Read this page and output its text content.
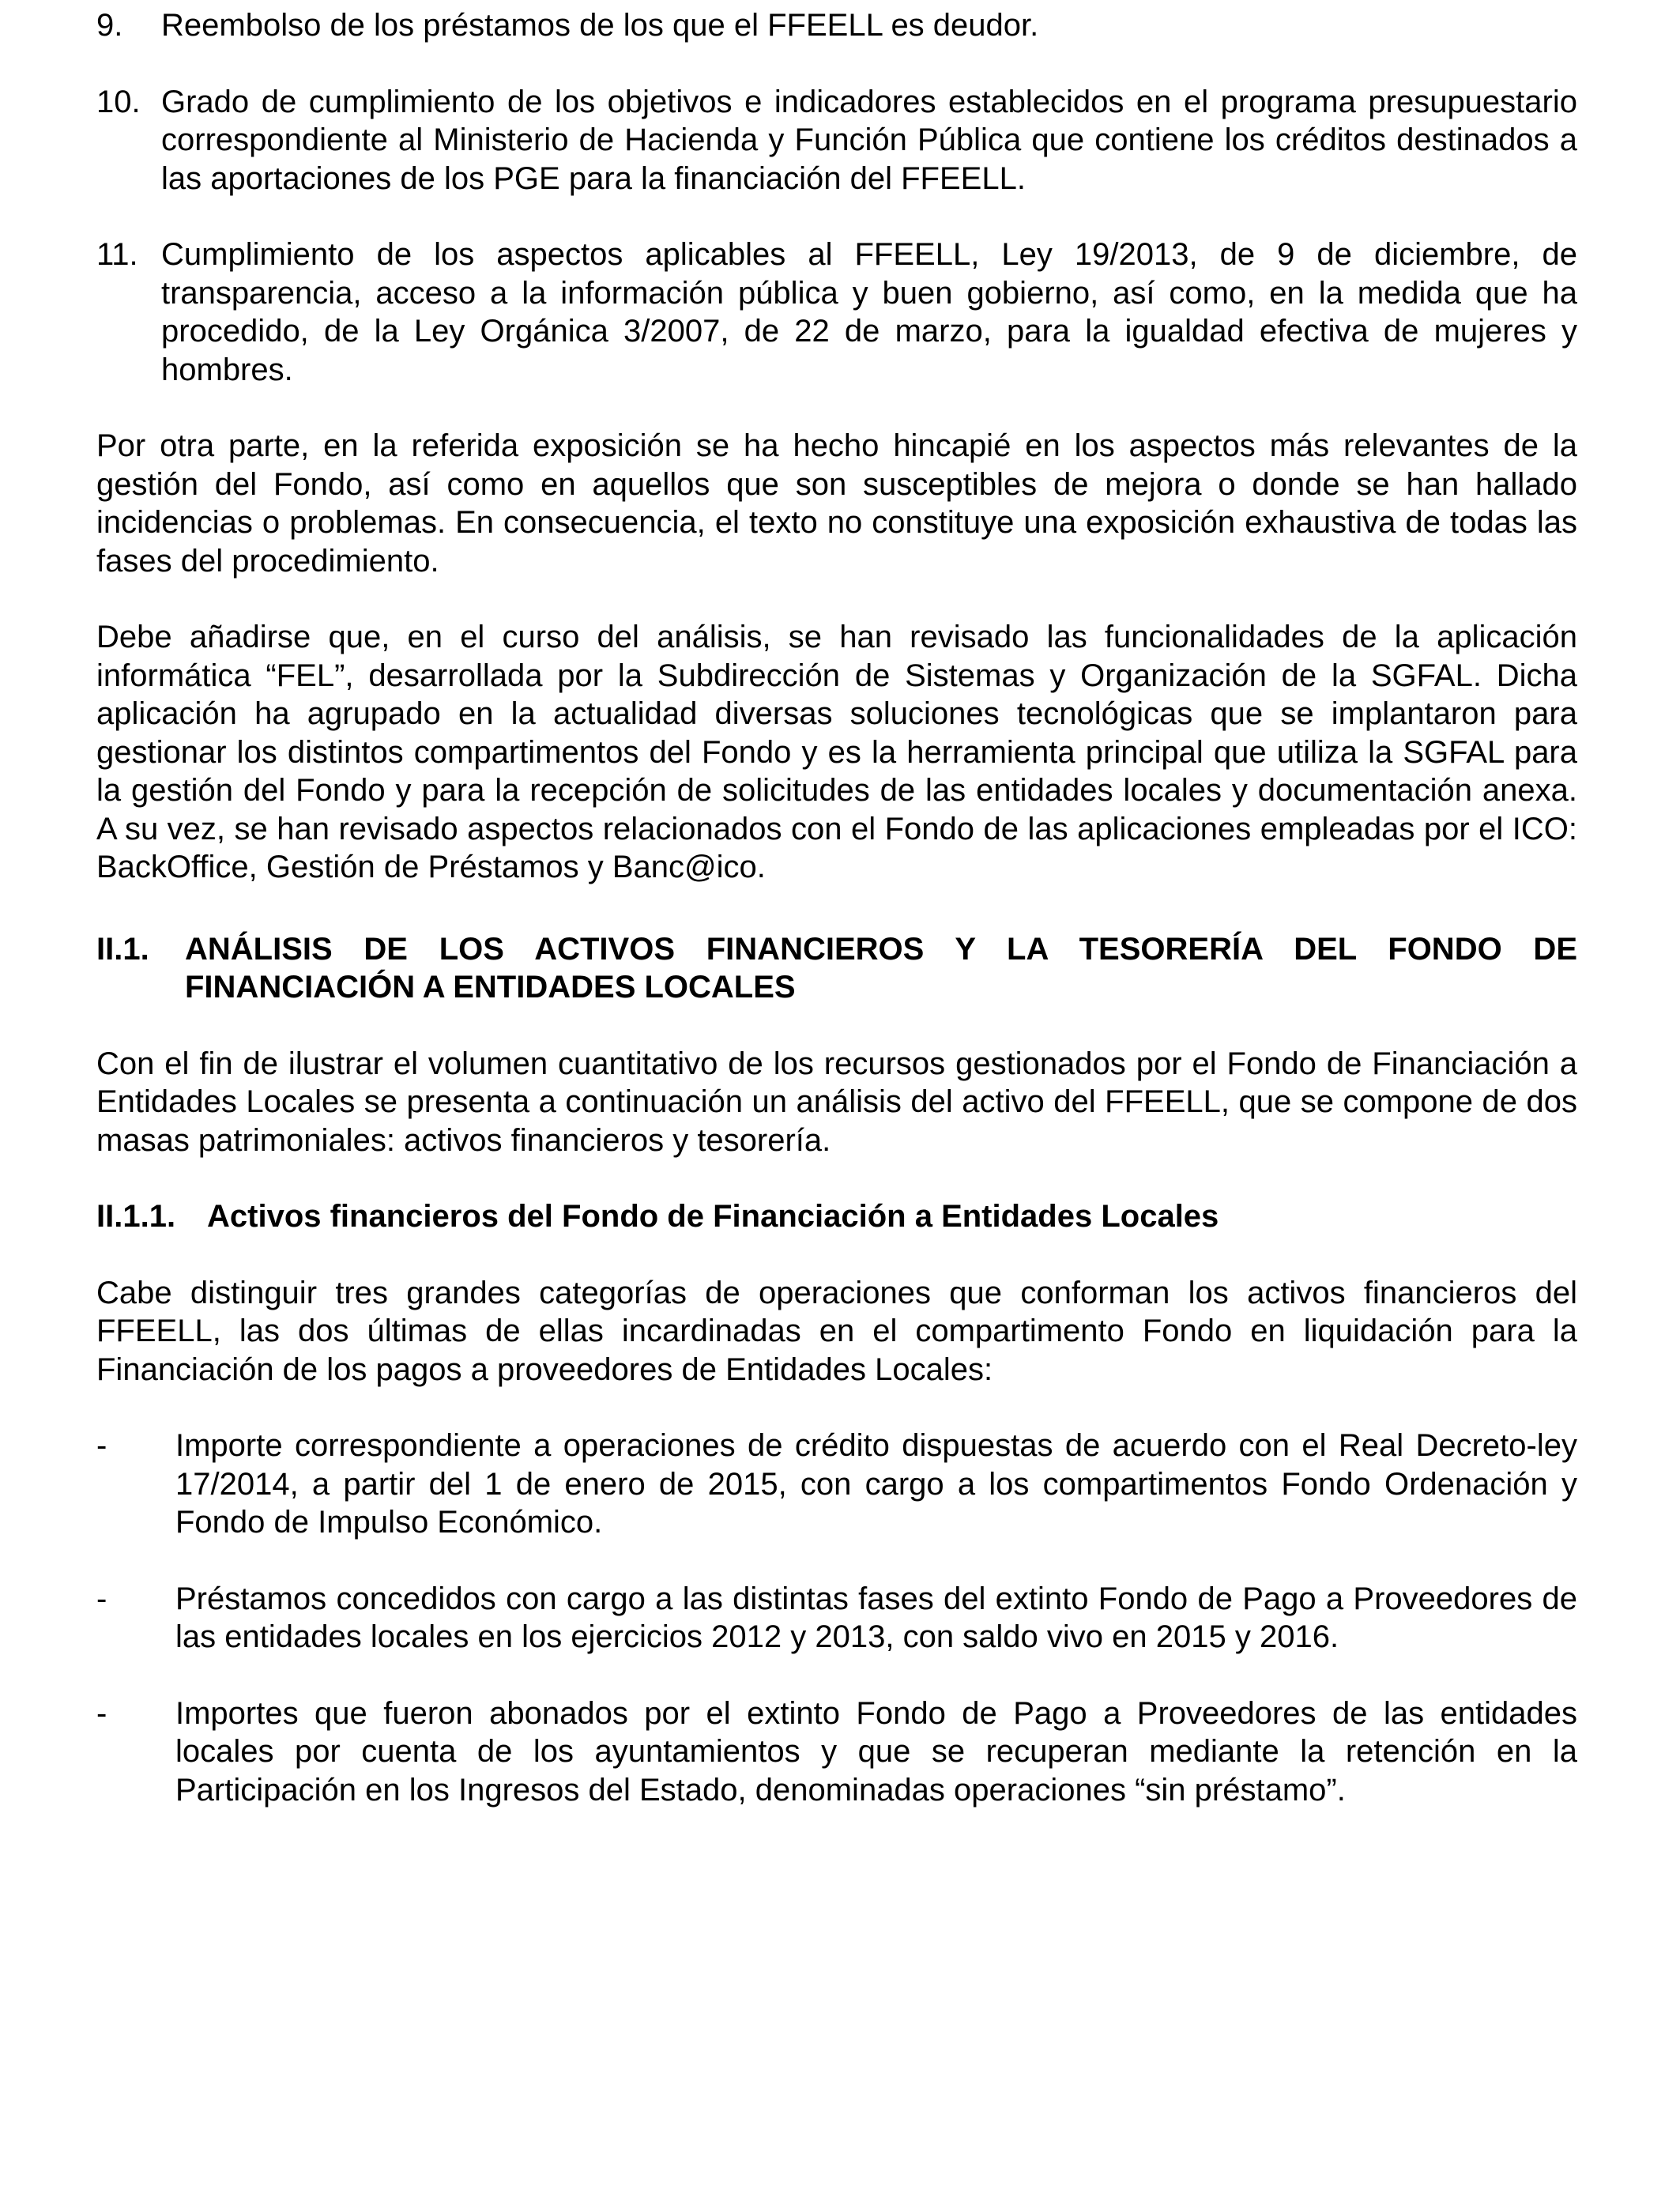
9. Reembolso de los préstamos de los que el FFEELL es deudor.
10. Grado de cumplimiento de los objetivos e indicadores establecidos en el programa presupuestario correspondiente al Ministerio de Hacienda y Función Pública que contiene los créditos destinados a las aportaciones de los PGE para la financiación del FFEELL.
11. Cumplimiento de los aspectos aplicables al FFEELL, Ley 19/2013, de 9 de diciembre, de transparencia, acceso a la información pública y buen gobierno, así como, en la medida que ha procedido, de la Ley Orgánica 3/2007, de 22 de marzo, para la igualdad efectiva de mujeres y hombres.

Por otra parte, en la referida exposición se ha hecho hincapié en los aspectos más relevantes de la gestión del Fondo, así como en aquellos que son susceptibles de mejora o donde se han hallado incidencias o problemas. En consecuencia, el texto no constituye una exposición exhaustiva de todas las fases del procedimiento.

Debe añadirse que, en el curso del análisis, se han revisado las funcionalidades de la aplicación informática “FEL”, desarrollada por la Subdirección de Sistemas y Organización de la SGFAL. Dicha aplicación ha agrupado en la actualidad diversas soluciones tecnológicas que se implantaron para gestionar los distintos compartimentos del Fondo y es la herramienta principal que utiliza la SGFAL para la gestión del Fondo y para la recepción de solicitudes de las entidades locales y documentación anexa. A su vez, se han revisado aspectos relacionados con el Fondo de las aplicaciones empleadas por el ICO: BackOffice, Gestión de Préstamos y Banc@ico.

II.1. ANÁLISIS DE LOS ACTIVOS FINANCIEROS Y LA TESORERÍA DEL FONDO DE FINANCIACIÓN A ENTIDADES LOCALES

Con el fin de ilustrar el volumen cuantitativo de los recursos gestionados por el Fondo de Financiación a Entidades Locales se presenta a continuación un análisis del activo del FFEELL, que se compone de dos masas patrimoniales: activos financieros y tesorería.

II.1.1. Activos financieros del Fondo de Financiación a Entidades Locales

Cabe distinguir tres grandes categorías de operaciones que conforman los activos financieros del FFEELL, las dos últimas de ellas incardinadas en el compartimento Fondo en liquidación para la Financiación de los pagos a proveedores de Entidades Locales:

- Importe correspondiente a operaciones de crédito dispuestas de acuerdo con el Real Decreto-ley 17/2014, a partir del 1 de enero de 2015, con cargo a los compartimentos Fondo Ordenación y Fondo de Impulso Económico.
- Préstamos concedidos con cargo a las distintas fases del extinto Fondo de Pago a Proveedores de las entidades locales en los ejercicios 2012 y 2013, con saldo vivo en 2015 y 2016.
- Importes que fueron abonados por el extinto Fondo de Pago a Proveedores de las entidades locales por cuenta de los ayuntamientos y que se recuperan mediante la retención en la Participación en los Ingresos del Estado, denominadas operaciones “sin préstamo”.
